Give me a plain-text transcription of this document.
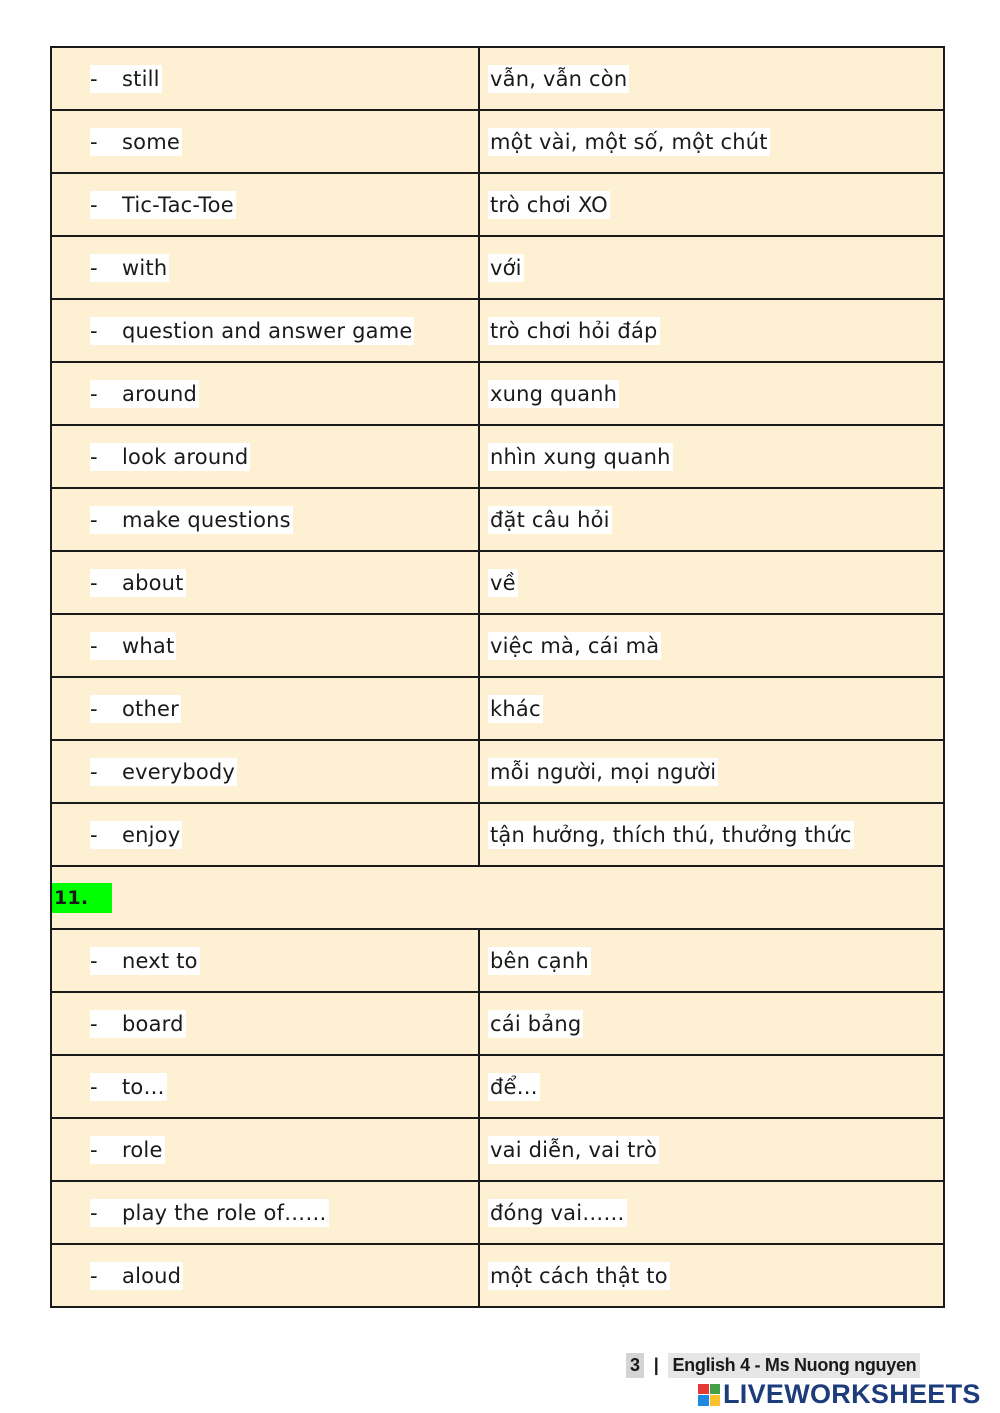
- still	vẫn, vẫn còn

- some	một vài, một số, một chút

- Tic-Tac-Toe	trò chơi XO

- with	với

- question and answer game	trò chơi hỏi đáp

- around	xung quanh

- look around	nhìn xung quanh

- make questions	đặt câu hỏi

- about	về

- what	việc mà, cái mà

- other	khác

- everybody	mỗi người, mọi người

- enjoy	tận hưởng, thích thú, thưởng thức

11.	

- next to	bên cạnh

- board	cái bảng

- to…	để…

- role	vai diễn, vai trò

- play the role of……	đóng vai……

- aloud	một cách thật to
3 | English 4 - Ms Nuong nguyen
LIVEWORKSHEETS
